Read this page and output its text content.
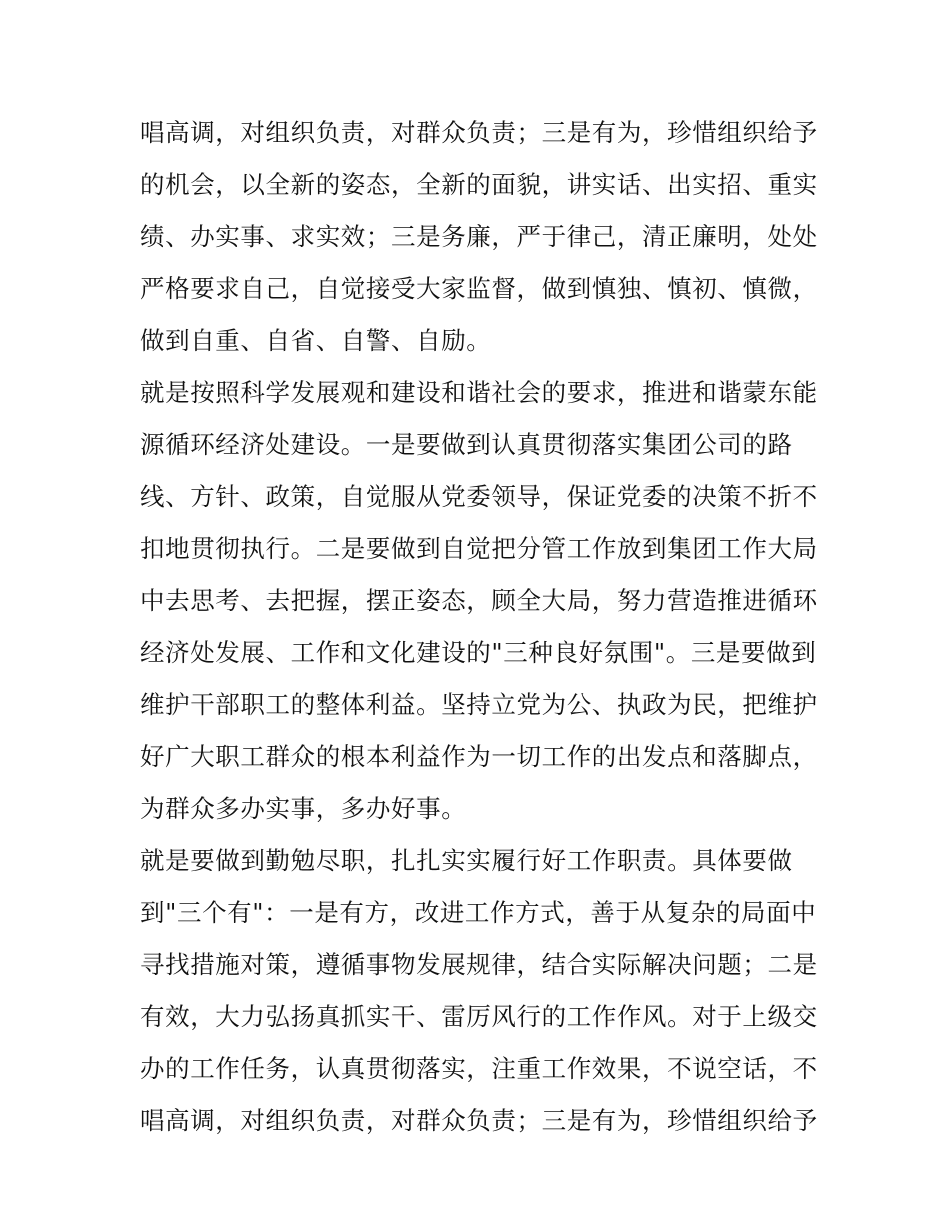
唱高调，对组织负责，对群众负责；三是有为，珍惜组织给予
的机会，以全新的姿态，全新的面貌，讲实话、出实招、重实
绩、办实事、求实效；三是务廉，严于律己，清正廉明，处处
严格要求自己，自觉接受大家监督，做到慎独、慎初、慎微，
做到自重、自省、自警、自励。
就是按照科学发展观和建设和谐社会的要求，推进和谐蒙东能
源循环经济处建设。一是要做到认真贯彻落实集团公司的路
线、方针、政策，自觉服从党委领导，保证党委的决策不折不
扣地贯彻执行。二是要做到自觉把分管工作放到集团工作大局
中去思考、去把握，摆正姿态，顾全大局，努力营造推进循环
经济处发展、工作和文化建设的"三种良好氛围"。三是要做到
维护干部职工的整体利益。坚持立党为公、执政为民，把维护
好广大职工群众的根本利益作为一切工作的出发点和落脚点，
为群众多办实事，多办好事。
就是要做到勤勉尽职，扎扎实实履行好工作职责。具体要做
到"三个有"：一是有方，改进工作方式，善于从复杂的局面中
寻找措施对策，遵循事物发展规律，结合实际解决问题；二是
有效，大力弘扬真抓实干、雷厉风行的工作作风。对于上级交
办的工作任务，认真贯彻落实，注重工作效果，不说空话，不
唱高调，对组织负责，对群众负责；三是有为，珍惜组织给予
